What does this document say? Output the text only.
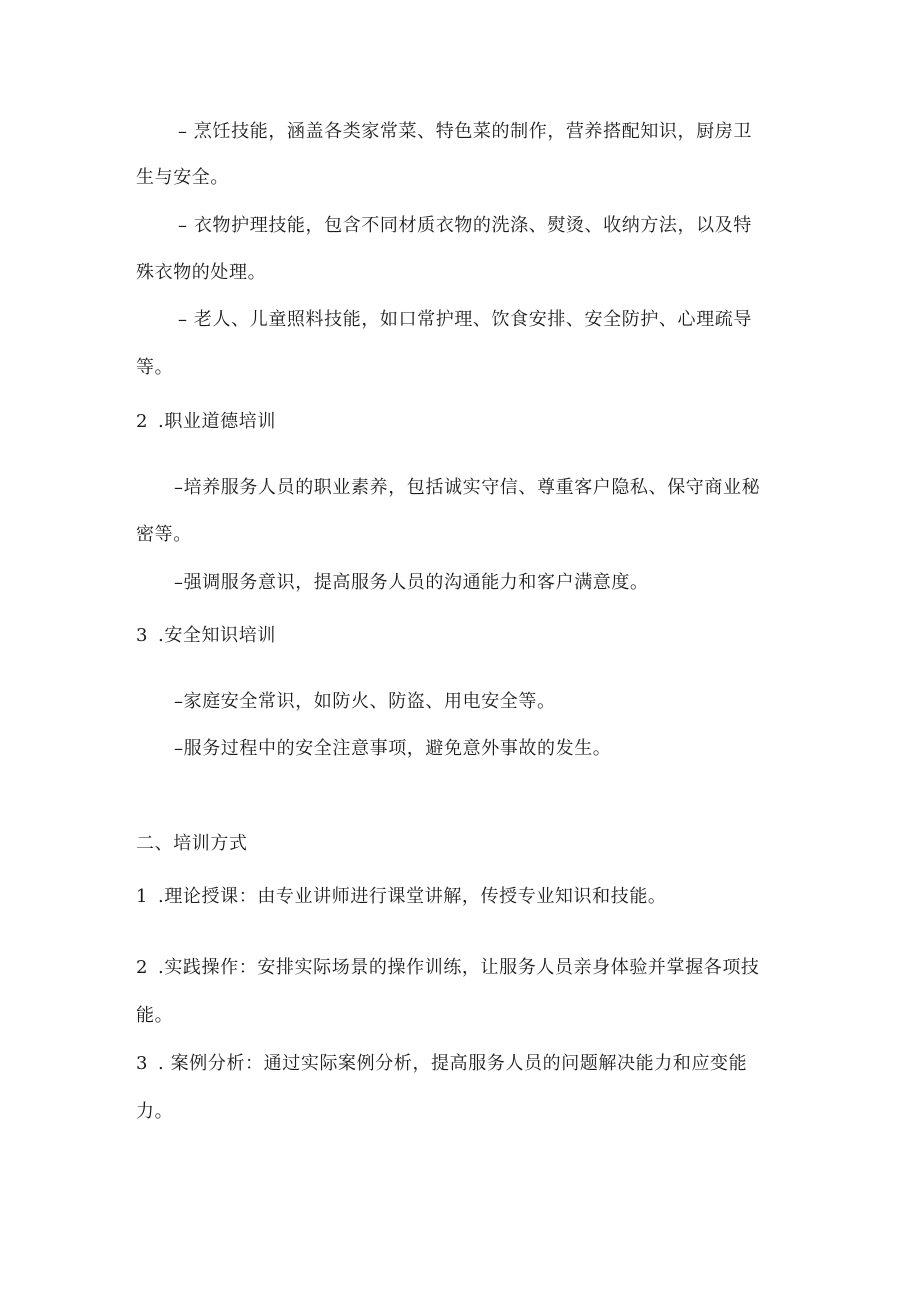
– 烹饪技能，涵盖各类家常菜、特色菜的制作，营养搭配知识，厨房卫
生与安全。
– 衣物护理技能，包含不同材质衣物的洗涤、熨烫、收纳方法，以及特
殊衣物的处理。
– 老人、儿童照料技能，如口常护理、饮食安排、安全防护、心理疏导
等。
2 .职业道德培训
–培养服务人员的职业素养，包括诚实守信、尊重客户隐私、保守商业秘
密等。
–强调服务意识，提高服务人员的沟通能力和客户满意度。
3 .安全知识培训
–家庭安全常识，如防火、防盗、用电安全等。
–服务过程中的安全注意事项，避免意外事故的发生。
二、培训方式
1 .理论授课：由专业讲师进行课堂讲解，传授专业知识和技能。
2 .实践操作：安排实际场景的操作训练，让服务人员亲身体验并掌握各项技
能。
3 . 案例分析：通过实际案例分析，提高服务人员的问题解决能力和应变能
力。
